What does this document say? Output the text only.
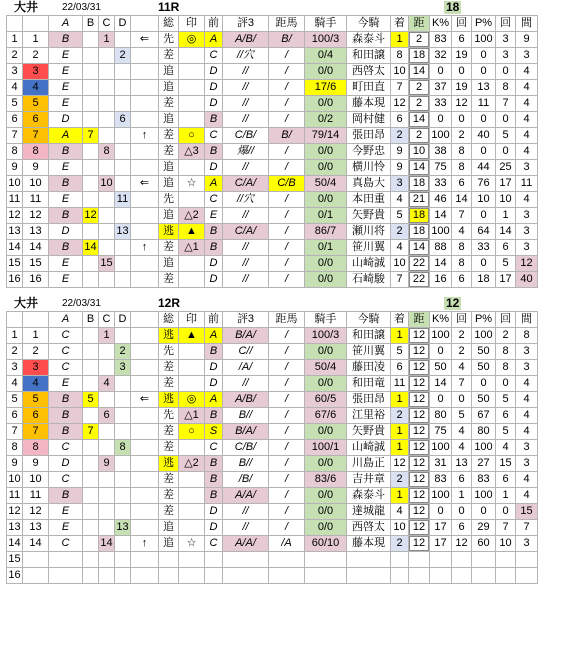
大井 22/03/31	11R	18
		A	B	C	D		総	印	前	評3	距馬	騎手	今騎	着	距	K%	回	P%	回	間
1	1	B		1		⇐	先	◎	A	A/B/	B/	100/3	森泰斗	1	2	83	6	100	3	9
2	2	E			2		差		C	//穴	/	0/4	和田譲	8	18	32	19	0	3	3
3	3	E					追		D	//	/	0/0	西啓太	10	14	0	0	0	0	4
4	4	E					追		D	//	/	17/6	町田直	7	2	37	19	13	8	4
5	5	E					差		D	//	/	0/0	藤本現	12	2	33	12	11	7	4
6	6	D			6		追		B	//	/	0/2	岡村健	6	14	0	0	0	0	4
7	7	A	7			↑	差	○	C	C/B/	B/	79/14	張田昂	2	2	100	2	40	5	4
8	8	B		8			差	△3	B	爆//	/	0/0	今野忠	9	10	38	8	0	0	4
9	9	E					追		D	//	/	0/0	横川怜	9	14	75	8	44	25	3
10	10	B		10		⇐	追	☆	A	C/A/	C/B	50/4	真島大	3	18	33	6	76	17	11
11	11	E			11		先		C	//穴	/	0/0	本田重	4	21	46	14	10	10	4
12	12	B	12				追	△2	E	//	/	0/1	矢野貴	5	18	14	7	0	1	3
13	13	D			13		逃	▲	B	C/A/	/	86/7	瀬川将	2	18	100	4	64	14	3
14	14	B	14			↑	差	△1	B	//	/	0/1	笹川翼	4	14	88	8	33	6	3
15	15	E		15			追		D	//	/	0/0	山崎誠	10	22	14	8	0	5	12
16	16	E					差		D	//	/	0/0	石崎駿	7	22	16	6	18	17	40
大井 22/03/31	12R	12
		A	B	C	D		総	印	前	評3	距馬	騎手	今騎	着	距	K%	回	P%	回	間
1	1	C		1			逃	▲	A	B/A/	/	100/3	和田譲	1	12	100	2	100	2	8
2	2	C			2		先		B	C//	/	0/0	笹川翼	5	12	0	2	50	8	3
3	3	C			3		差		D	/A/	/	50/4	藤田凌	6	12	50	4	50	8	3
4	4	E		4			差		D	//	/	0/0	和田竜	11	12	14	7	0	0	4
5	5	B	5			⇐	逃	◎	A	A/B/	/	60/5	張田昂	1	12	0	0	50	5	4
6	6	B		6			先	△1	B	B//	/	67/6	江里裕	2	12	80	5	67	6	4
7	7	B	7				差	○	S	B/A/	/	0/0	矢野貴	1	12	75	4	80	5	4
8	8	C			8		差		C	C/B/	/	100/1	山崎誠	1	12	100	4	100	4	3
9	9	D		9			逃	△2	B	B//	/	0/0	川島正	12	12	31	13	27	15	3
10	10	C					差		B	/B/	/	83/6	吉井章	2	12	83	6	83	6	4
11	11	B					差		B	A/A/	/	0/0	森泰斗	1	12	100	1	100	1	4
12	12	E					差		D	//	/	0/0	達城龍	4	12	0	0	0	0	15
13	13	E			13		追		D	//	/	0/0	西啓太	10	12	17	6	29	7	7
14	14	C		14		↑	追	☆	C	A/A/	/A	60/10	藤本現	2	12	17	12	60	10	3
15																				
16																				
